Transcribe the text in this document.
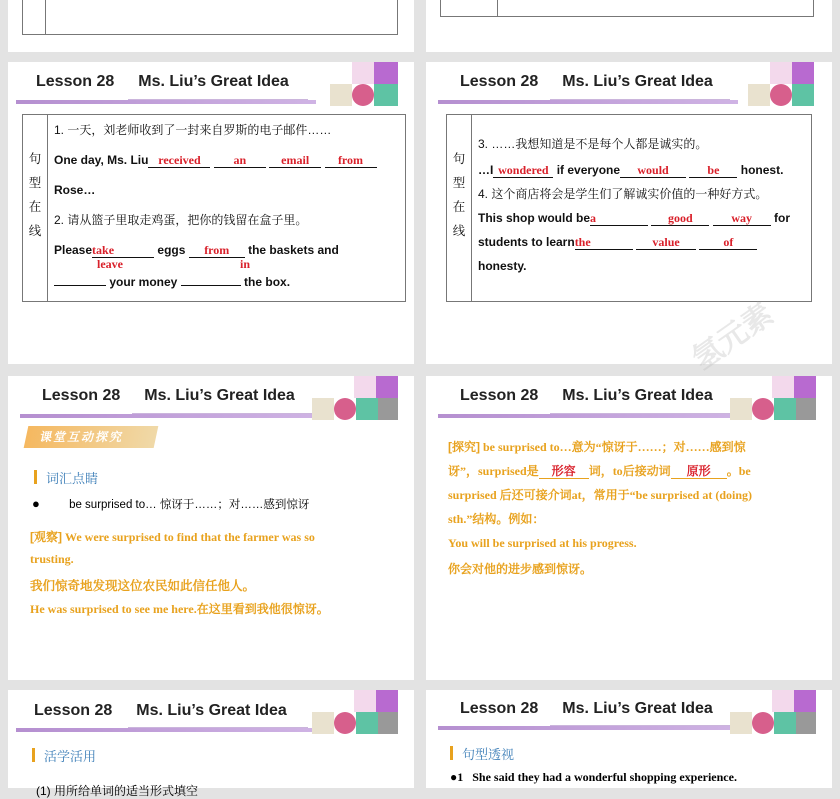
Lesson 28 Ms. Liu’s Great Idea
句
型
在
线

1. 一天，刘老师收到了一封来自罗斯的电子邮件……
One day, Ms. Liu received	an	email from
Rose…
2. 请从篮子里取走鸡蛋，把你的钱留在盒子里。
Pleasetake	eggs from the baskets and
leave	in
your money	the box.
Lesson 28 Ms. Liu’s Great Idea
句
型
在
线

3. ……我想知道是不是每个人都是诚实的。
…I wondered if everyone would	be honest.
4. 这个商店将会是学生们了解诚实价值的一种好方式。
This shop would bea	good	way for
students to learnthe	value	of
honesty.
氢元素
Lesson 28 Ms. Liu’s Great Idea
课堂互动探究
词汇点睛
●	be surprised to… 惊讶于……；对……感到惊讶
[观察] We were surprised to find that the farmer was so
trusting.
我们惊奇地发现这位农民如此信任他人。
He was surprised to see me here.在这里看到我他很惊讶。
Lesson 28 Ms. Liu’s Great Idea
[探究] be surprised to…意为“惊讶于……；对……感到惊
讶”，surprised是 形容 词，to后接动词 原形 。be
surprised 后还可接介词at，常用于“be surprised at (doing)
sth.”结构。例如：
You will be surprised at his progress.
你会对他的进步感到惊讶。
Lesson 28 Ms. Liu’s Great Idea
活学活用
(1) 用所给单词的适当形式填空
Lesson 28 Ms. Liu’s Great Idea
句型透视
●1 She said they had a wonderful shopping experience.
